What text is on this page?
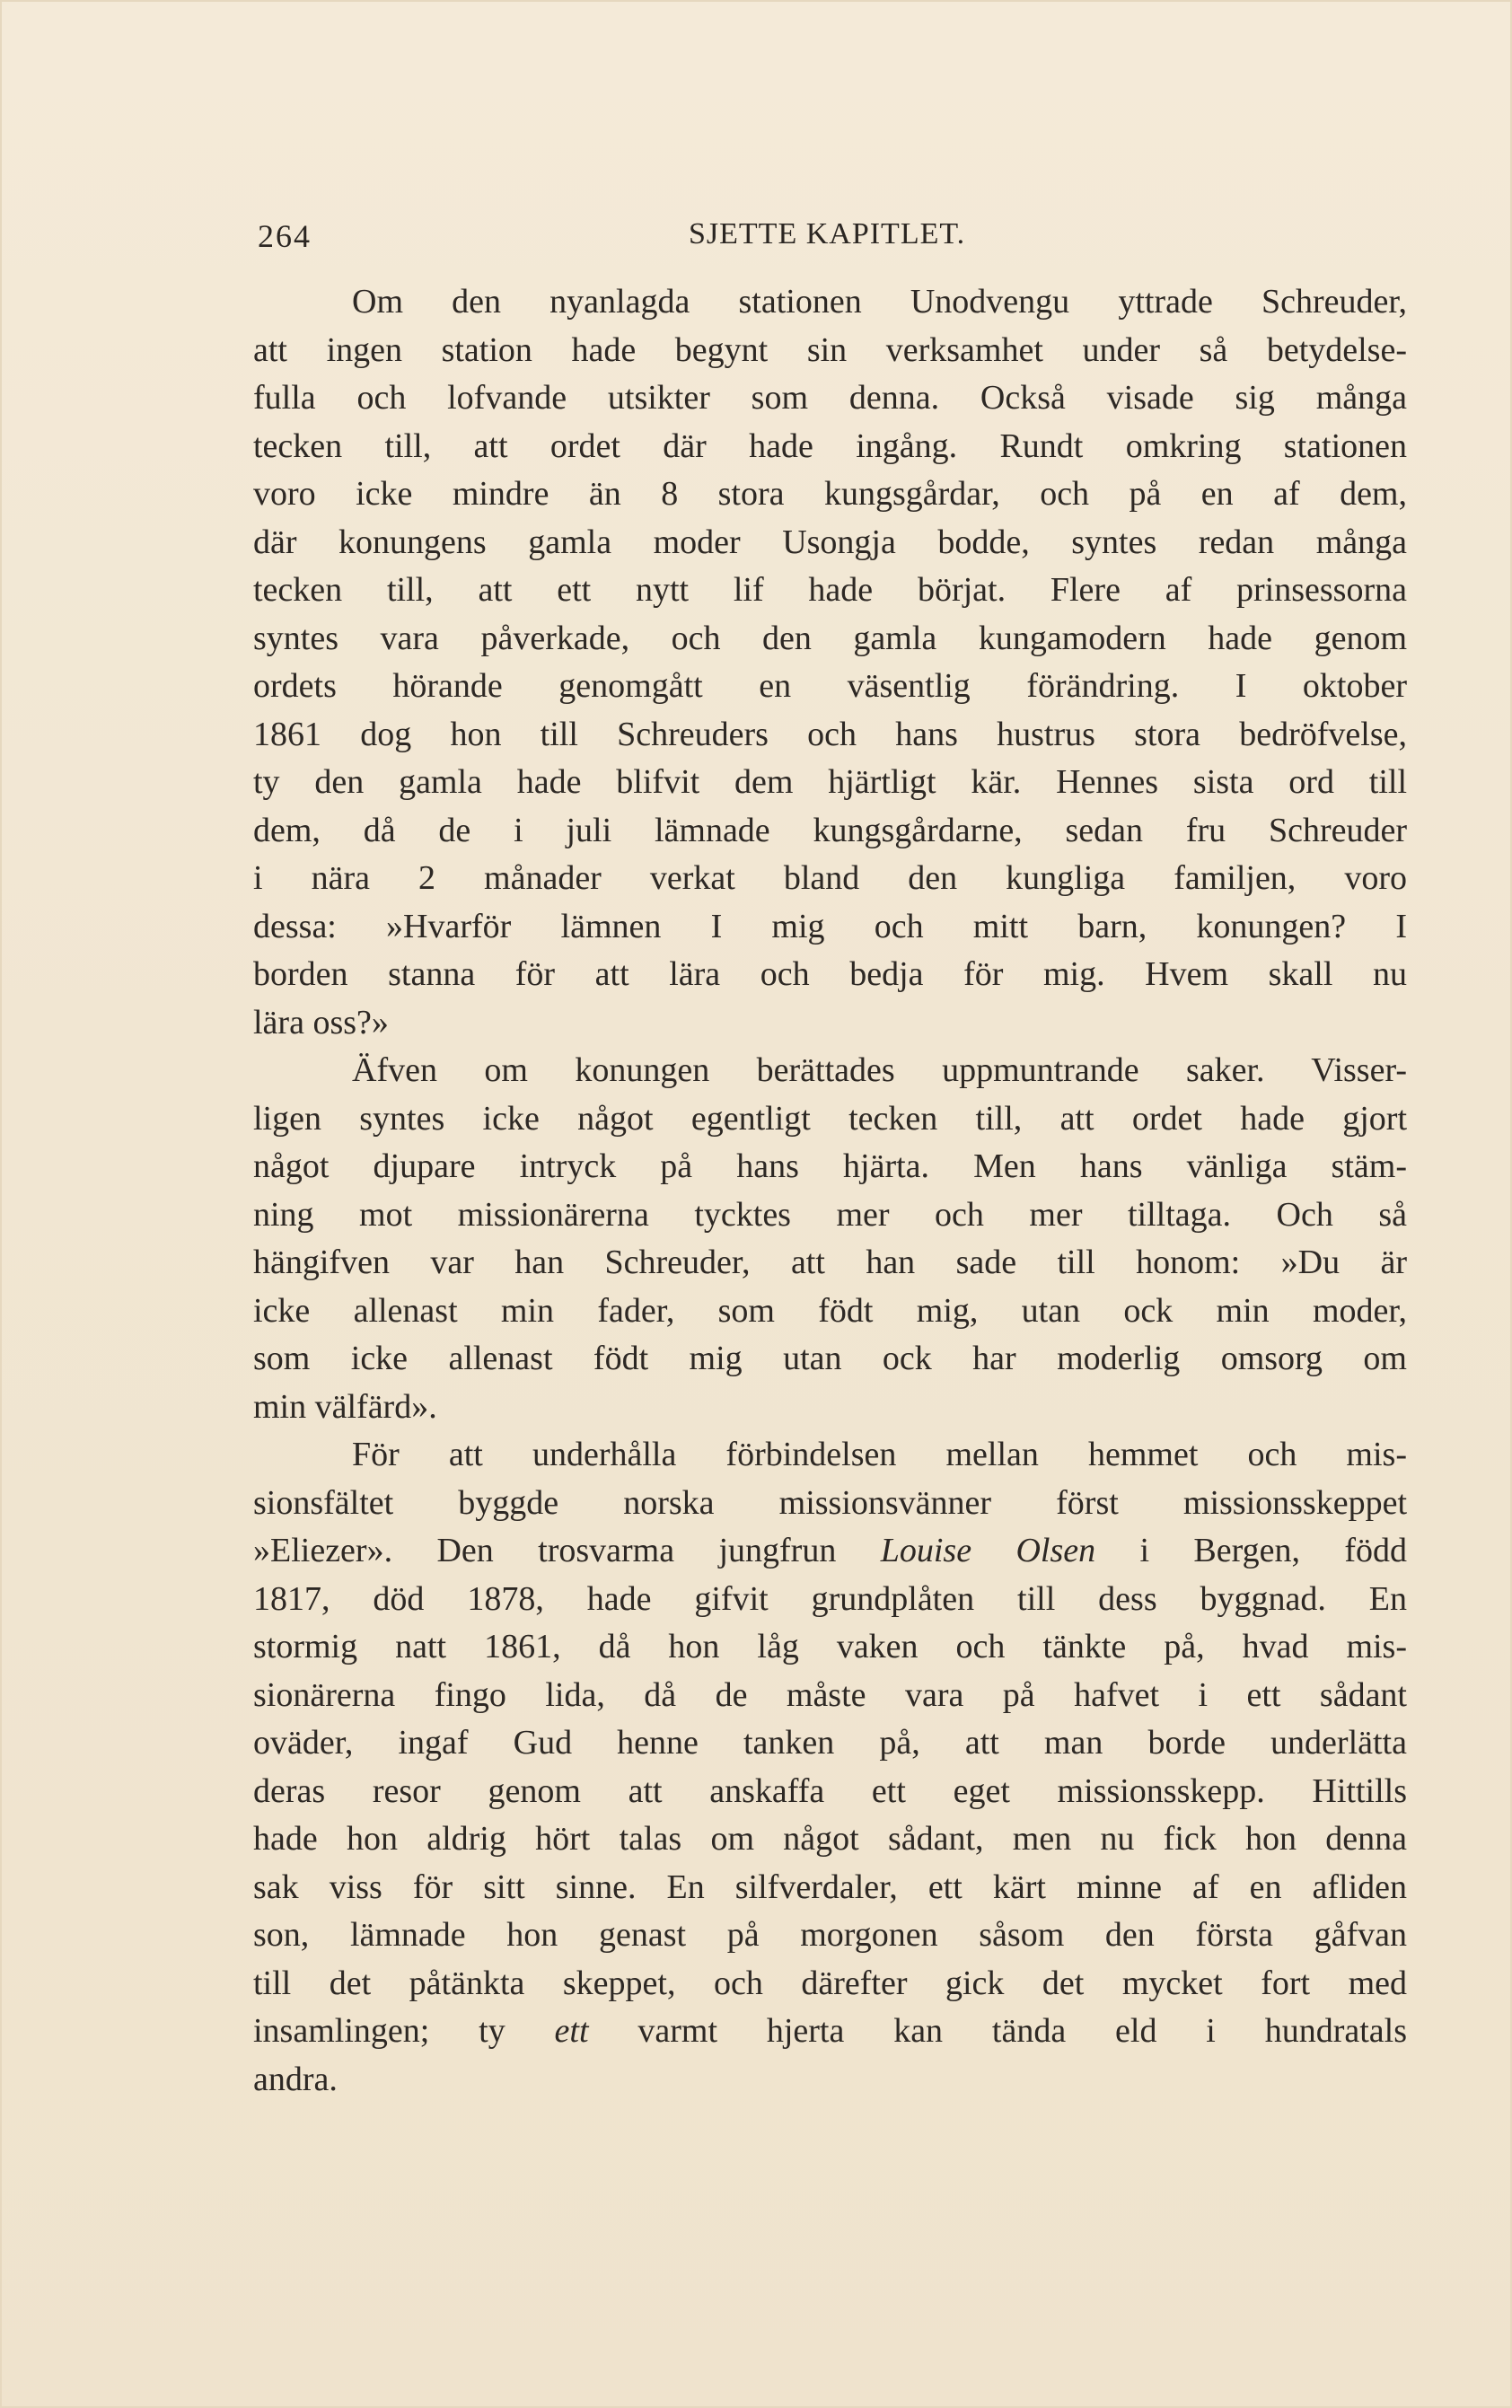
264	SJETTE KAPITLET.
Om den nyanlagda stationen Unodvengu yttrade Schreuder,
att ingen station hade begynt sin verksamhet under så betydelse-
fulla och lofvande utsikter som denna. Också visade sig många
tecken till, att ordet där hade ingång. Rundt omkring stationen
voro icke mindre än 8 stora kungsgårdar, och på en af dem,
där konungens gamla moder Usongja bodde, syntes redan många
tecken till, att ett nytt lif hade börjat. Flere af prinsessorna
syntes vara påverkade, och den gamla kungamodern hade genom
ordets hörande genomgått en väsentlig förändring. I oktober
1861 dog hon till Schreuders och hans hustrus stora bedröfvelse,
ty den gamla hade blifvit dem hjärtligt kär. Hennes sista ord till
dem, då de i juli lämnade kungsgårdarne, sedan fru Schreuder
i nära 2 månader verkat bland den kungliga familjen, voro
dessa: »Hvarför lämnen I mig och mitt barn, konungen? I
borden stanna för att lära och bedja för mig. Hvem skall nu
lära oss?»
Äfven om konungen berättades uppmuntrande saker. Visser-
ligen syntes icke något egentligt tecken till, att ordet hade gjort
något djupare intryck på hans hjärta. Men hans vänliga stäm-
ning mot missionärerna tycktes mer och mer tilltaga. Och så
hängifven var han Schreuder, att han sade till honom: »Du är
icke allenast min fader, som födt mig, utan ock min moder,
som icke allenast födt mig utan ock har moderlig omsorg om
min välfärd».
För att underhålla förbindelsen mellan hemmet och mis-
sionsfältet byggde norska missionsvänner först missionsskeppet
»Eliezer». Den trosvarma jungfrun Louise Olsen i Bergen, född
1817, död 1878, hade gifvit grundplåten till dess byggnad. En
stormig natt 1861, då hon låg vaken och tänkte på, hvad mis-
sionärerna fingo lida, då de måste vara på hafvet i ett sådant
oväder, ingaf Gud henne tanken på, att man borde underlätta
deras resor genom att anskaffa ett eget missionsskepp. Hittills
hade hon aldrig hört talas om något sådant, men nu fick hon denna
sak viss för sitt sinne. En silfverdaler, ett kärt minne af en afliden
son, lämnade hon genast på morgonen såsom den första gåfvan
till det påtänkta skeppet, och därefter gick det mycket fort med
insamlingen; ty ett varmt hjerta kan tända eld i hundratals
andra.
